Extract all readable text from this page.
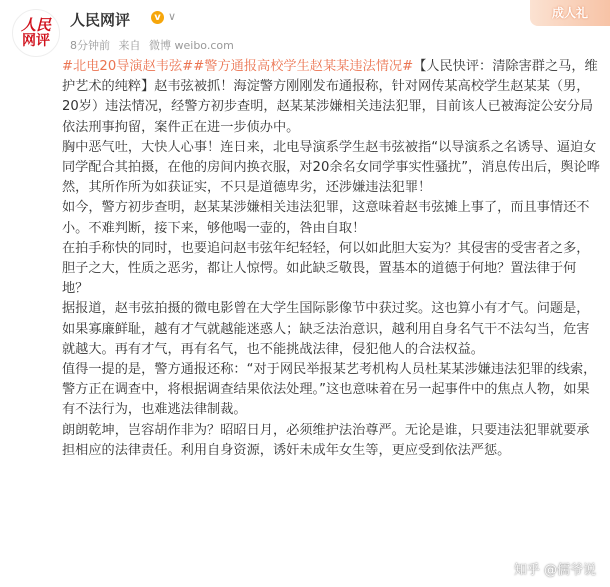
人民
网评
人民网评	v ∨
8分钟前 来自 微博 weibo.com
成人礼

#北电20导演赵韦弦##警方通报高校学生赵某某违法情况#【人民快评：清除害群之马，维护艺术的纯粹】赵韦弦被抓！海淀警方刚刚发布通报称，针对网传某高校学生赵某某（男，20岁）违法情况，经警方初步查明，赵某某涉嫌相关违法犯罪，目前该人已被海淀公安分局依法刑事拘留，案件正在进一步侦办中。

胸中恶气吐，大快人心事！连日来，北电导演系学生赵韦弦被指“以导演系之名诱导、逼迫女同学配合其拍摄，在他的房间内换衣服，对20余名女同学事实性骚扰”，消息传出后，舆论哗然，其所作所为如获证实，不只是道德卑劣，还涉嫌违法犯罪！

如今，警方初步查明，赵某某涉嫌相关违法犯罪，这意味着赵韦弦摊上事了，而且事情还不小。不难判断，接下来，够他喝一壶的，咎由自取！

在拍手称快的同时，也要追问赵韦弦年纪轻轻，何以如此胆大妄为？其侵害的受害者之多，胆子之大，性质之恶劣，都让人惊愕。如此缺乏敬畏，置基本的道德于何地？置法律于何地？

据报道，赵韦弦拍摄的微电影曾在大学生国际影像节中获过奖。这也算小有才气。问题是，如果寡廉鲜耻，越有才气就越能迷惑人；缺乏法治意识，越利用自身名气干不法勾当，危害就越大。再有才气，再有名气，也不能挑战法律，侵犯他人的合法权益。

值得一提的是，警方通报还称：“对于网民举报某艺考机构人员杜某某涉嫌违法犯罪的线索，警方正在调查中，将根据调查结果依法处理。”这也意味着在另一起事件中的焦点人物，如果有不法行为，也难逃法律制裁。

朗朗乾坤，岂容胡作非为？昭昭日月，必须维护法治尊严。无论是谁，只要违法犯罪就要承担相应的法律责任。利用自身资源，诱奸未成年女生等，更应受到依法严惩。

知乎 @儒爷说
